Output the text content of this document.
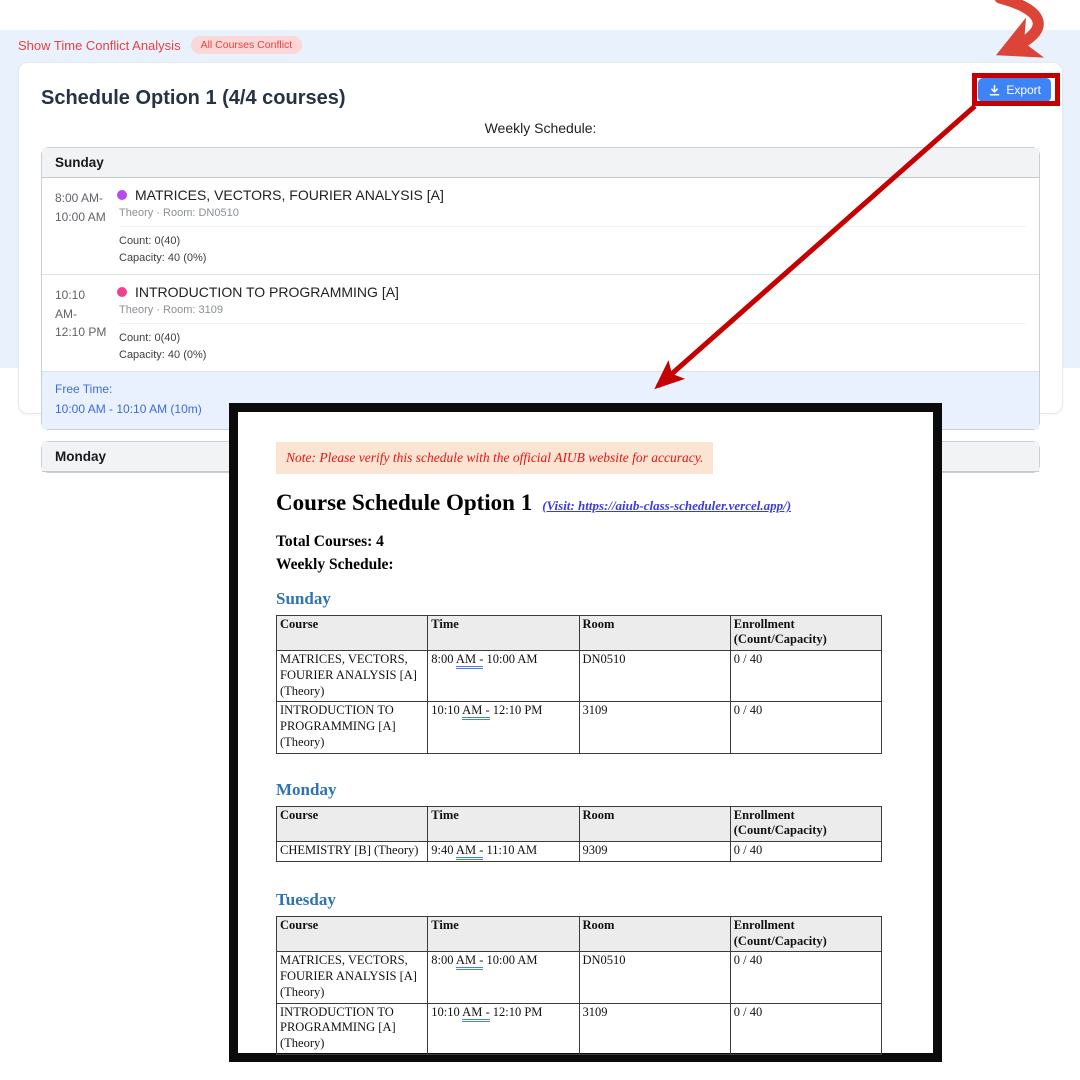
Show Time Conflict Analysis	All Courses Conflict
Schedule Option 1 (4/4 courses)	Export
Weekly Schedule:
Sunday
8:00 AM-
10:00 AM
MATRICES, VECTORS, FOURIER ANALYSIS [A]
Theory · Room: DN0510
Count: 0(40)
Capacity: 40 (0%)
10:10 AM-
12:10 PM
INTRODUCTION TO PROGRAMMING [A]
Theory · Room: 3109
Count: 0(40)
Capacity: 40 (0%)
Free Time:
10:00 AM - 10:10 AM (10m)
Monday	Note: Please verify this schedule with the official AIUB website for accuracy.
Course Schedule Option 1 (Visit: https://aiub-class-scheduler.vercel.app/)
Total Courses: 4
Weekly Schedule:
Sunday
Course	Time	Room	Enrollment (Count/Capacity)
MATRICES, VECTORS, FOURIER ANALYSIS [A] (Theory)	8:00 AM - 10:00 AM	DN0510	0 / 40
INTRODUCTION TO PROGRAMMING [A] (Theory)	10:10 AM - 12:10 PM	3109	0 / 40
Monday
Course	Time	Room	Enrollment (Count/Capacity)
CHEMISTRY [B] (Theory)	9:40 AM - 11:10 AM	9309	0 / 40
Tuesday
Course	Time	Room	Enrollment (Count/Capacity)
MATRICES, VECTORS, FOURIER ANALYSIS [A] (Theory)	8:00 AM - 10:00 AM	DN0510	0 / 40
INTRODUCTION TO PROGRAMMING [A] (Theory)	10:10 AM - 12:10 PM	3109	0 / 40
